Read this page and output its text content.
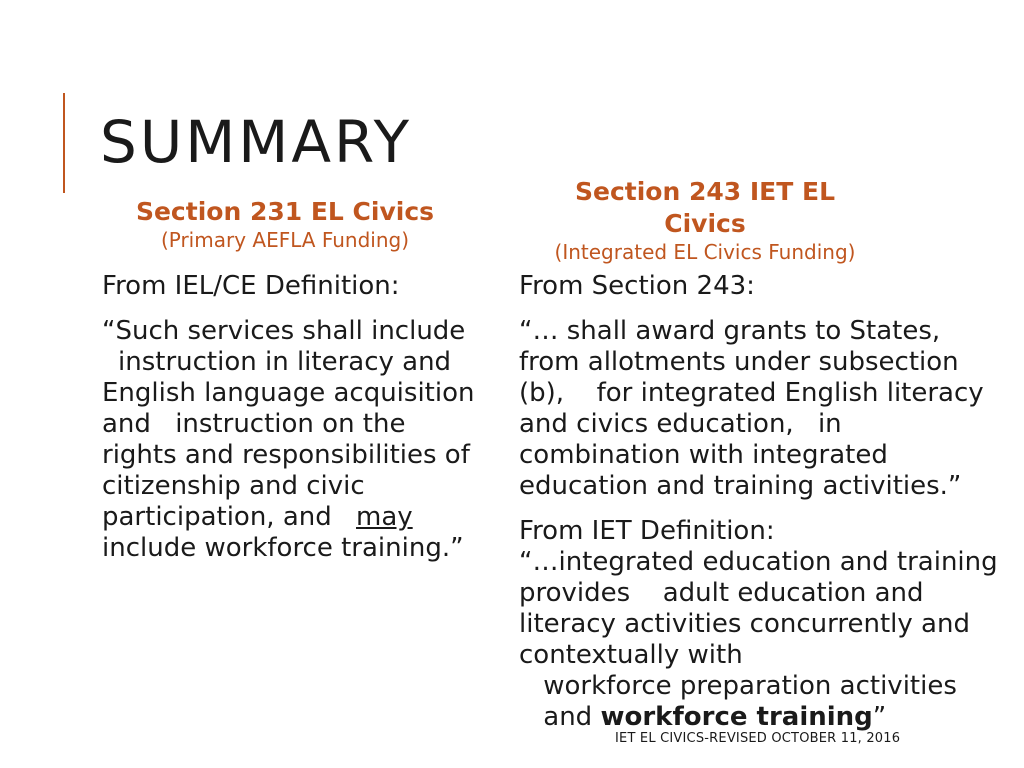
SUMMARY
Section 231 EL Civics
(Primary AEFLA Funding)
Section 243 IET EL
Civics
(Integrated EL Civics Funding)

From IEL/CE Definition:

“Such services shall include instruction in literacy and English language acquisition and instruction on the rights and responsibilities of citizenship and civic participation, and may include workforce training.”

From Section 243:

“… shall award grants to States, from allotments under subsection (b),  for integrated English literacy and civics education, in combination with integrated education and training activities.”

From IET Definition:

“…integrated education and training provides  adult education and literacy activities concurrently and contextually with
workforce preparation activities
and workforce training”

IET EL CIVICS-REVISED OCTOBER 11, 2016
